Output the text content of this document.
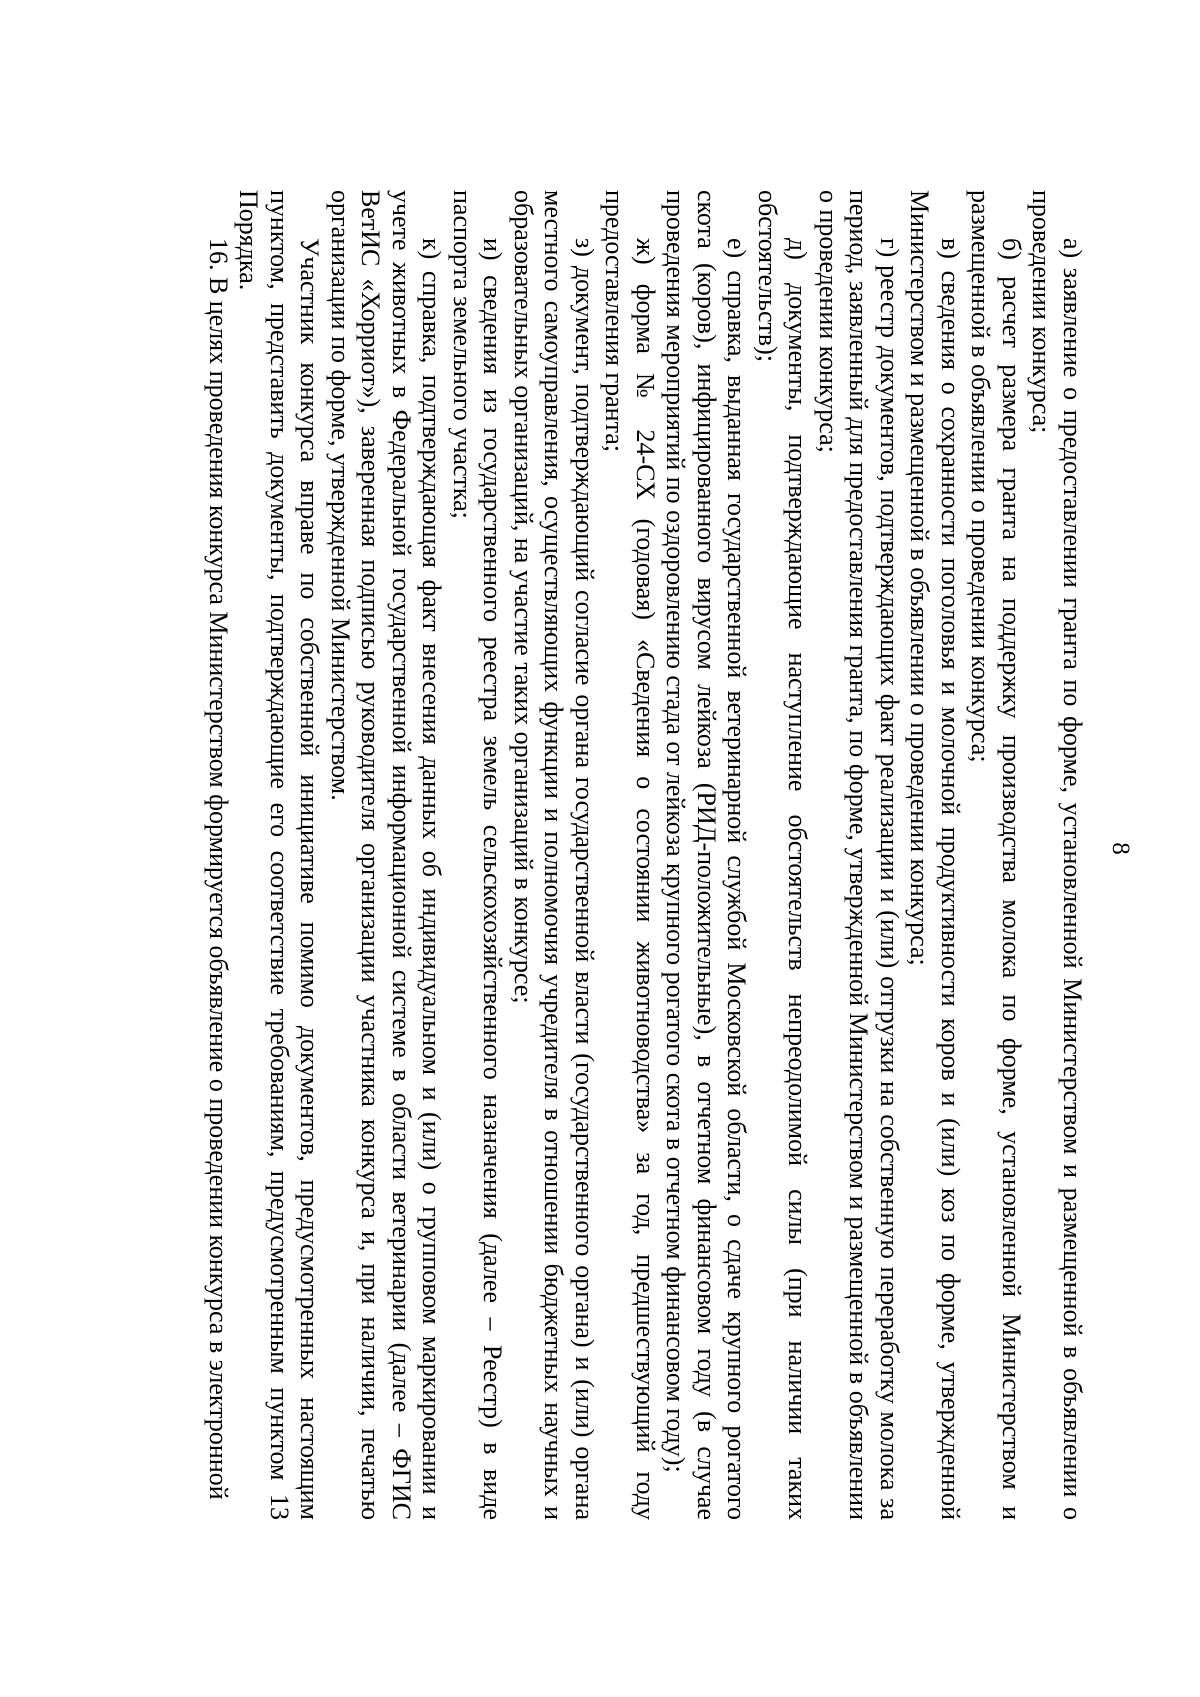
8

а) заявление о предоставлении гранта по форме, установленной Министерством и размещенной в объявлении о проведении конкурса;

б) расчет размера гранта на поддержку производства молока по форме, установленной Министерством и размещенной в объявлении о проведении конкурса;

в) сведения о сохранности поголовья и молочной продуктивности коров и (или) коз по форме, утвержденной Министерством и размещенной в объявлении о проведении конкурса;

г) реестр документов, подтверждающих факт реализации и (или) отгрузки на собственную переработку молока за период, заявленный для предоставления гранта, по форме, утвержденной Министерством и размещенной в объявлении о проведении конкурса;

д) документы, подтверждающие наступление обстоятельств непреодолимой силы (при наличии таких обстоятельств);

е) справка, выданная государственной ветеринарной службой Московской области, о сдаче крупного рогатого скота (коров), инфицированного вирусом лейкоза (РИД-положительные), в отчетном финансовом году (в случае проведения мероприятий по оздоровлению стада от лейкоза крупного рогатого скота в отчетном финансовом году);

ж) форма № 24-СХ (годовая) «Сведения о состоянии животноводства» за год, предшествующий году предоставления гранта;

з) документ, подтверждающий согласие органа государственной власти (государственного органа) и (или) органа местного самоуправления, осуществляющих функции и полномочия учредителя в отношении бюджетных научных и образовательных организаций, на участие таких организаций в конкурсе;

и) сведения из государственного реестра земель сельскохозяйственного назначения (далее – Реестр) в виде паспорта земельного участка;

к) справка, подтверждающая факт внесения данных об индивидуальном и (или) о групповом маркировании и учете животных в Федеральной государственной информационной системе в области ветеринарии (далее – ФГИС ВетИС «Хорриот»), заверенная подписью руководителя организации участника конкурса и, при наличии, печатью организации по форме, утвержденной Министерством.

Участник конкурса вправе по собственной инициативе помимо документов, предусмотренных настоящим пунктом, представить документы, подтверждающие его соответствие требованиям, предусмотренным пунктом 13 Порядка.

16. В целях проведения конкурса Министерством формируется объявление о проведении конкурса в электронной
